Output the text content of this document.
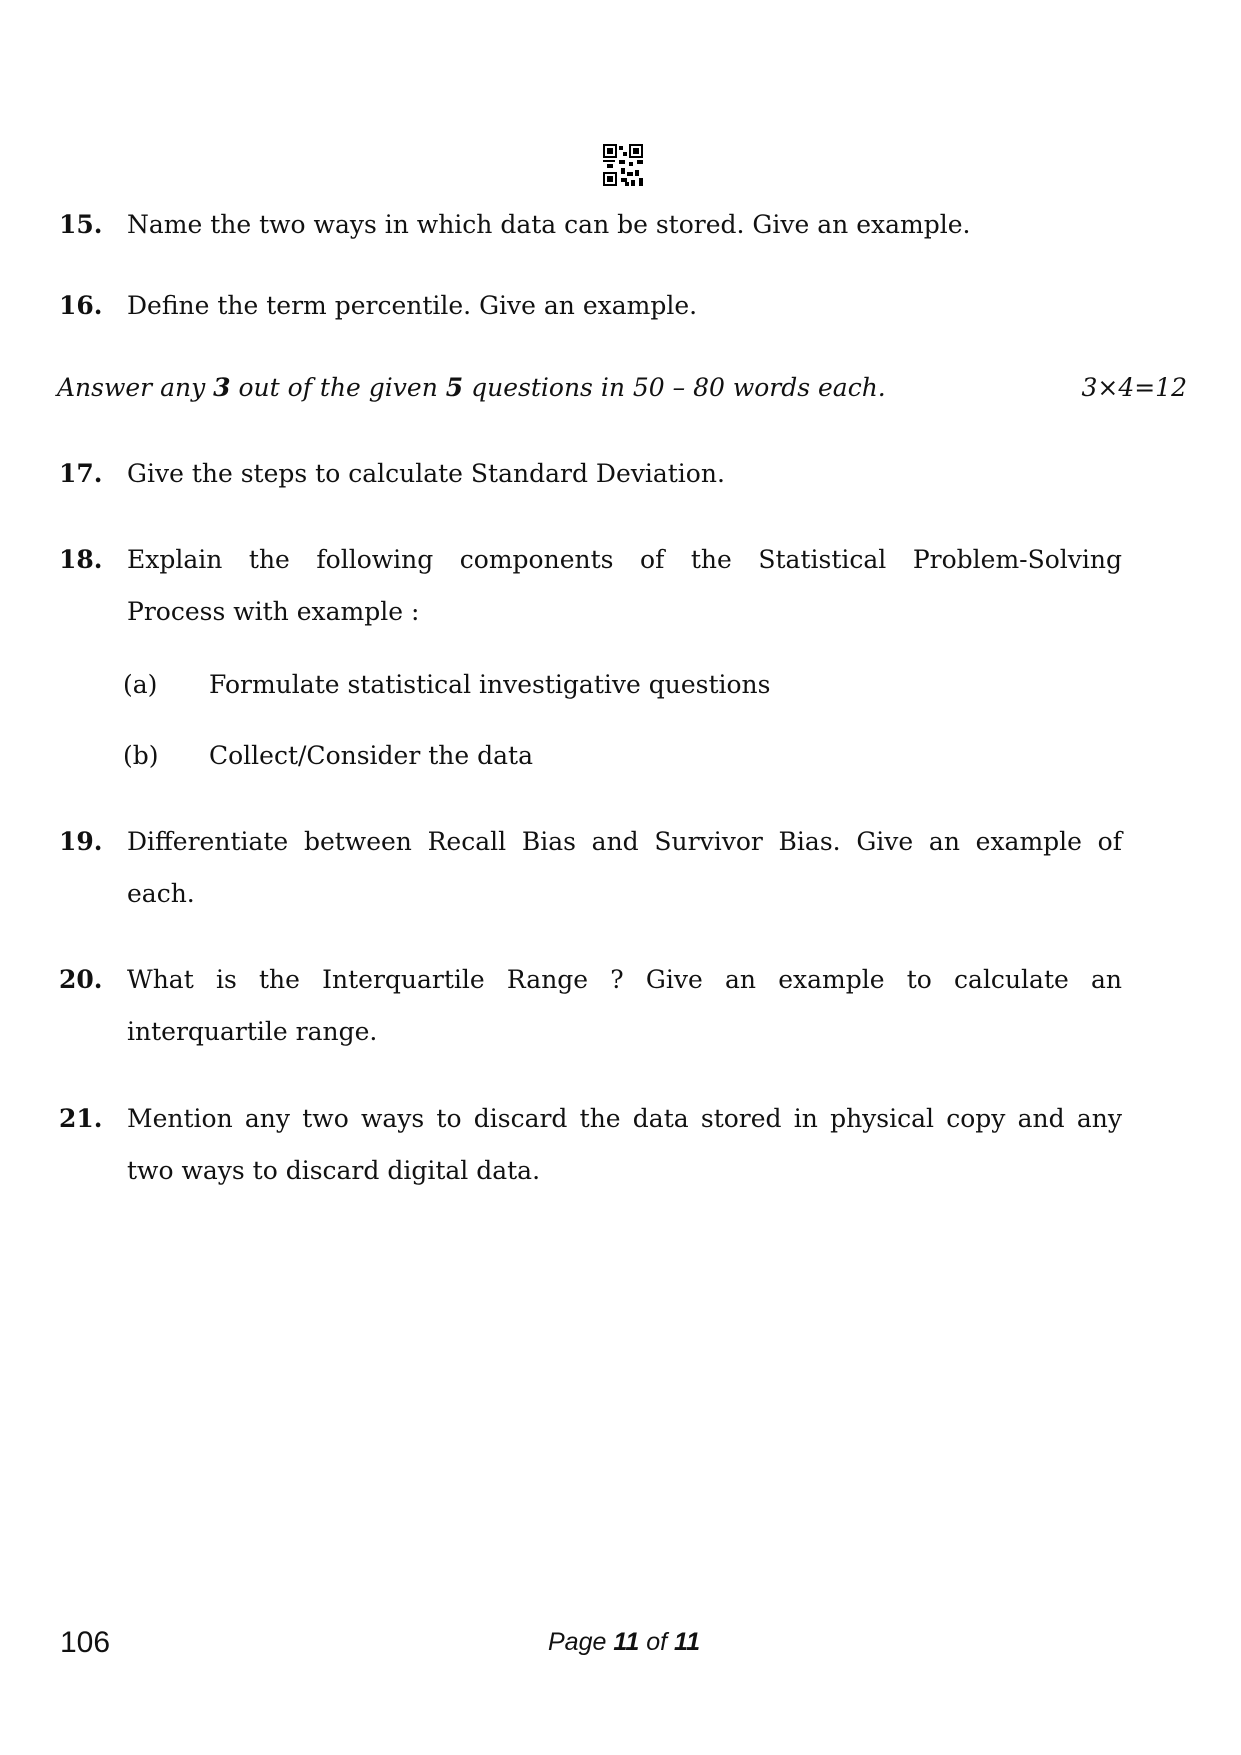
15. Name the two ways in which data can be stored. Give an example.
16. Define the term percentile. Give an example.
Answer any 3 out of the given 5 questions in 50 – 80 words each.	3×4=12
17. Give the steps to calculate Standard Deviation.
18. Explain the following components of the Statistical Problem-Solving
Process with example :
(a) Formulate statistical investigative questions
(b) Collect/Consider the data
19. Differentiate between Recall Bias and Survivor Bias. Give an example of
each.
20. What is the Interquartile Range ? Give an example to calculate an
interquartile range.
21. Mention any two ways to discard the data stored in physical copy and any
two ways to discard digital data.
106	Page 11 of 11
